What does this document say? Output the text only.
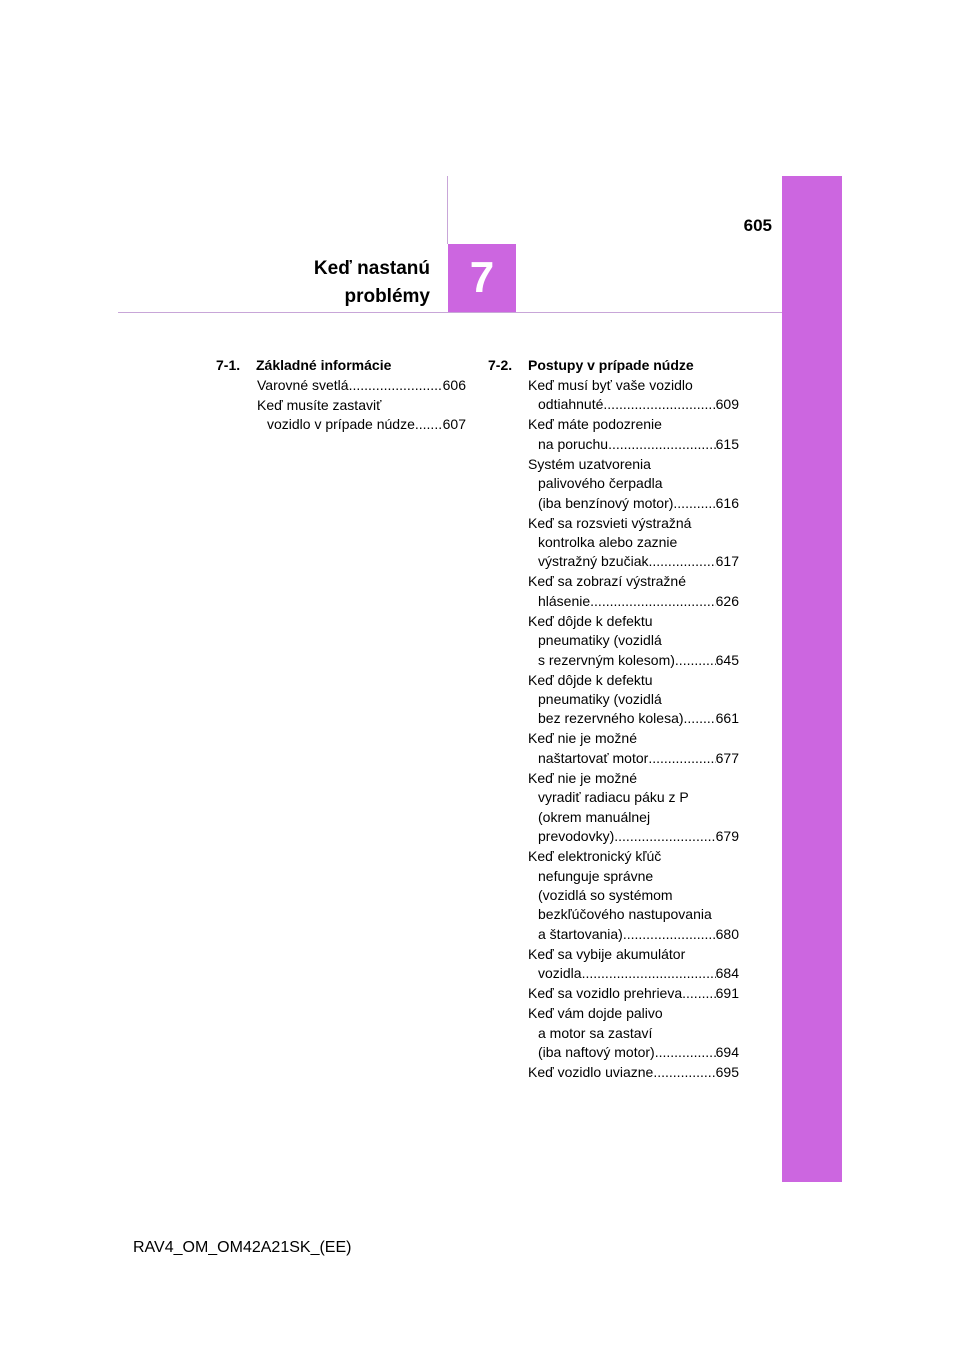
7
605
Keď nastanú
problémy
7-1. Základné informácie
Varovné svetlá .....	606
Keď musíte zastaviť
vozidlo v prípade núdze ..... 607
7-2. Postupy v prípade núdze
Keď musí byť vaše vozidlo
odtiahnuté .....	609
Keď máte podozrenie
na poruchu .....	615
Systém uzatvorenia
palivového čerpadla
(iba benzínový motor) .....	616
Keď sa rozsvieti výstražná
kontrolka alebo zaznie
výstražný bzučiak .....	617
Keď sa zobrazí výstražné
hlásenie .....	626
Keď dôjde k defektu
pneumatiky (vozidlá
s rezervným kolesom) .....	645
Keď dôjde k defektu
pneumatiky (vozidlá
bez rezervného kolesa) ..... 661
Keď nie je možné
naštartovať motor .....	677
Keď nie je možné
vyradiť radiacu páku z P
(okrem manuálnej
prevodovky) .....	679
Keď elektronický kľúč
nefunguje správne
(vozidlá so systémom
bezkľúčového nastupovania
a štartovania) .....	680
Keď sa vybije akumulátor
vozidla .....	684
Keď sa vozidlo prehrieva ..... 691
Keď vám dojde palivo
a motor sa zastaví
(iba naftový motor) .....	694
Keď vozidlo uviazne .....	695
RAV4_OM_OM42A21SK_(EE)
